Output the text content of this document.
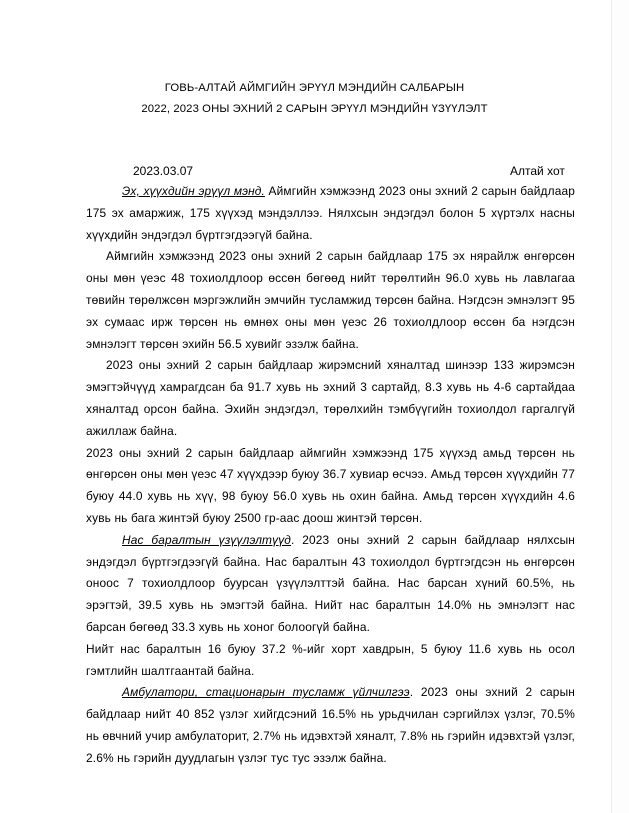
ГОВЬ-АЛТАЙ АЙМГИЙН ЭРҮҮЛ МЭНДИЙН САЛБАРЫН
2022, 2023 ОНЫ ЭХНИЙ 2 САРЫН ЭРҮҮЛ МЭНДИЙН ҮЗҮҮЛЭЛТ
2023.03.07	Алтай хот

Эх, хүүхдийн эрүүл мэнд. Аймгийн хэмжээнд 2023 оны эхний 2 сарын байдлаар 175 эх амаржиж, 175 хүүхэд мэндэллээ. Нялхсын эндэгдэл болон 5 хүртэлх насны хүүхдийн эндэгдэл бүртгэгдээгүй байна.

Аймгийн хэмжээнд 2023 оны эхний 2 сарын байдлаар 175 эх нярайлж өнгөрсөн оны мөн үеэс 48 тохиолдлоор өссөн бөгөөд нийт төрөлтийн 96.0 хувь нь лавлагаа төвийн төрөлжсөн мэргэжлийн эмчийн тусламжид төрсөн байна. Нэгдсэн эмнэлэгт 95 эх сумаас ирж төрсөн нь өмнөх оны мөн үеэс 26 тохиолдлоор өссөн ба нэгдсэн эмнэлэгт төрсөн эхийн 56.5 хувийг эзэлж байна.

2023 оны эхний 2 сарын байдлаар жирэмсний хяналтад шинээр 133 жирэмсэн эмэгтэйчүүд хамрагдсан ба 91.7 хувь нь эхний 3 сартайд, 8.3 хувь нь 4-6 сартайдаа хяналтад орсон байна. Эхийн эндэгдэл, төрөлхийн тэмбүүгийн тохиолдол гаргалгүй ажиллаж байна.

2023 оны эхний 2 сарын байдлаар аймгийн хэмжээнд 175 хүүхэд амьд төрсөн нь өнгөрсөн оны мөн үеэс 47 хүүхдээр буюу 36.7 хувиар өсчээ. Амьд төрсөн хүүхдийн 77 буюу 44.0 хувь нь хүү, 98 буюу 56.0 хувь нь охин байна. Амьд төрсөн хүүхдийн 4.6 хувь нь бага жинтэй буюу 2500 гр-аас доош жинтэй төрсөн.

Нас баралтын үзүүлэлтүүд. 2023 оны эхний 2 сарын байдлаар нялхсын эндэгдэл бүртгэгдээгүй байна. Нас баралтын 43 тохиолдол бүртгэгдсэн нь өнгөрсөн оноос 7 тохиолдлоор буурсан үзүүлэлттэй байна. Нас барсан хүний 60.5%, нь эрэгтэй, 39.5 хувь нь эмэгтэй байна. Нийт нас баралтын 14.0% нь эмнэлэгт нас барсан бөгөөд 33.3 хувь нь хоног болоогүй байна.

Нийт нас баралтын 16 буюу 37.2 %-ийг хорт хавдрын, 5 буюу 11.6 хувь нь осол гэмтлийн шалтгаантай байна.

Амбулатори, стационарын тусламж үйлчилгээ. 2023 оны эхний 2 сарын байдлаар нийт 40 852 үзлэг хийгдсэний 16.5% нь урьдчилан сэргийлэх үзлэг, 70.5% нь өвчний учир амбулаторит, 2.7% нь идэвхтэй хяналт, 7.8% нь гэрийн идэвхтэй үзлэг, 2.6% нь гэрийн дуудлагын үзлэг тус тус эзэлж байна.
